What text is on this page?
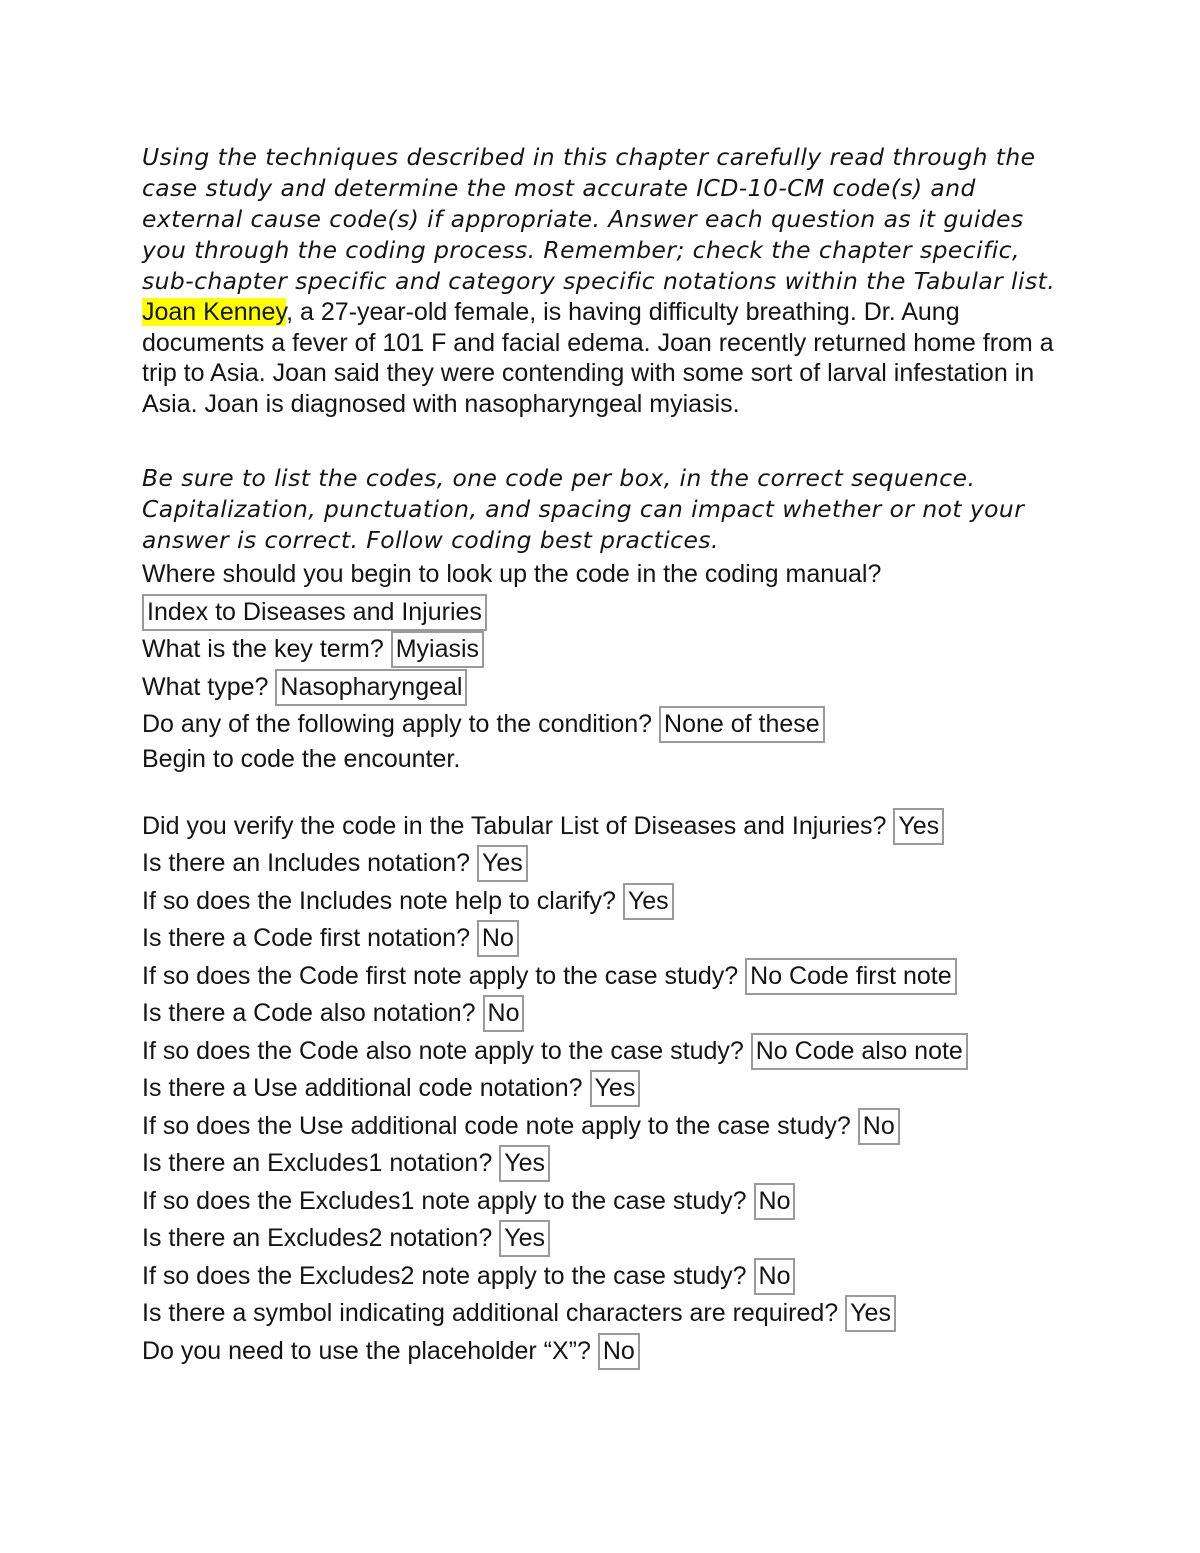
Using the techniques described in this chapter carefully read through the case study and determine the most accurate ICD-10-CM code(s) and external cause code(s) if appropriate. Answer each question as it guides you through the coding process. Remember; check the chapter specific, sub-chapter specific and category specific notations within the Tabular list.

Joan Kenney, a 27-year-old female, is having difficulty breathing. Dr. Aung documents a fever of 101 F and facial edema. Joan recently returned home from a trip to Asia. Joan said they were contending with some sort of larval infestation in Asia. Joan is diagnosed with nasopharyngeal myiasis.

Be sure to list the codes, one code per box, in the correct sequence. Capitalization, punctuation, and spacing can impact whether or not your answer is correct. Follow coding best practices.

Where should you begin to look up the code in the coding manual? Index to Diseases and Injuries

What is the key term? Myiasis

What type? Nasopharyngeal

Do any of the following apply to the condition? None of these

Begin to code the encounter.

Did you verify the code in the Tabular List of Diseases and Injuries? Yes

Is there an Includes notation? Yes

If so does the Includes note help to clarify? Yes

Is there a Code first notation? No

If so does the Code first note apply to the case study? No Code first note

Is there a Code also notation? No

If so does the Code also note apply to the case study? No Code also note

Is there a Use additional code notation? Yes

If so does the Use additional code note apply to the case study? No

Is there an Excludes1 notation? Yes

If so does the Excludes1 note apply to the case study? No

Is there an Excludes2 notation? Yes

If so does the Excludes2 note apply to the case study? No

Is there a symbol indicating additional characters are required? Yes

Do you need to use the placeholder “X”? No
